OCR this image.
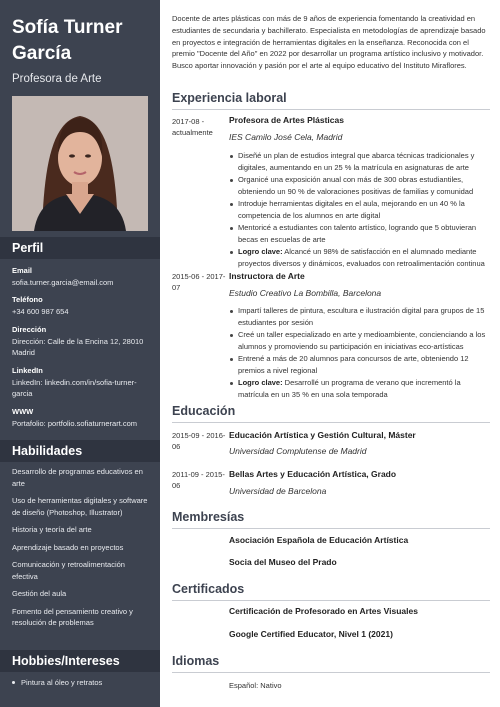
Sofía Turner García
Profesora de Arte
Perfil
Email
sofia.turner.garcia@email.com
Teléfono
+34 600 987 654
Dirección
Dirección: Calle de la Encina 12, 28010 Madrid
LinkedIn
LinkedIn: linkedin.com/in/sofia-turner-garcia
WWW
Portafolio: portfolio.sofiaturnerart.com
Habilidades
Desarrollo de programas educativos en arte
Uso de herramientas digitales y software de diseño (Photoshop, Illustrator)
Historia y teoría del arte
Aprendizaje basado en proyectos
Comunicación y retroalimentación efectiva
Gestión del aula
Fomento del pensamiento creativo y resolución de problemas
Hobbies/Intereses
Pintura al óleo y retratos
Docente de artes plásticas con más de 9 años de experiencia fomentando la creatividad en estudiantes de secundaria y bachillerato. Especialista en metodologías de aprendizaje basado en proyectos e integración de herramientas digitales en la enseñanza. Reconocida con el premio "Docente del Año" en 2022 por desarrollar un programa artístico inclusivo y motivador. Busco aportar innovación y pasión por el arte al equipo educativo del Instituto Miraflores.
Experiencia laboral
2017-08 - actualmente
Profesora de Artes Plásticas
IES Camilo José Cela, Madrid
Diseñé un plan de estudios integral que abarca técnicas tradicionales y digitales, aumentando en un 25 % la matrícula en asignaturas de arte
Organicé una exposición anual con más de 300 obras estudiantiles, obteniendo un 90 % de valoraciones positivas de familias y comunidad
Introduje herramientas digitales en el aula, mejorando en un 40 % la competencia de los alumnos en arte digital
Mentoricé a estudiantes con talento artístico, logrando que 5 obtuvieran becas en escuelas de arte
Logro clave: Alcancé un 98% de satisfacción en el alumnado mediante proyectos diversos y dinámicos, evaluados con retroalimentación continua
2015-06 - 2017-07
Instructora de Arte
Estudio Creativo La Bombilla, Barcelona
Impartí talleres de pintura, escultura e ilustración digital para grupos de 15 estudiantes por sesión
Creé un taller especializado en arte y medioambiente, concienciando a los alumnos y promoviendo su participación en iniciativas eco-artísticas
Entrené a más de 20 alumnos para concursos de arte, obteniendo 12 premios a nivel regional
Logro clave: Desarrollé un programa de verano que incrementó la matrícula en un 35 % en una sola temporada
Educación
2015-09 - 2016-06
Educación Artística y Gestión Cultural, Máster
Universidad Complutense de Madrid
2011-09 - 2015-06
Bellas Artes y Educación Artística, Grado
Universidad de Barcelona
Membresías
Asociación Española de Educación Artística
Socia del Museo del Prado
Certificados
Certificación de Profesorado en Artes Visuales
Google Certified Educator, Nivel 1 (2021)
Idiomas
Español: Nativo
